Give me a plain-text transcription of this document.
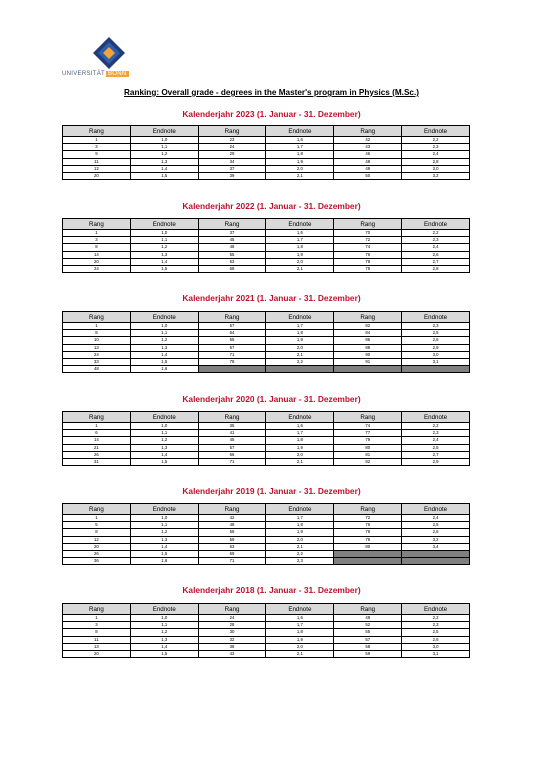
UNIVERSITÄT BONN
Ranking: Overall grade - degrees in the Master's program in Physics (M.Sc.)
Kalenderjahr 2023 (1. Januar - 31. Dezember)
Rang	Endnote	Rang	Endnote	Rang	Endnote
1	1,0	23	1,6	42	2,2
3	1,1	24	1,7	43	2,3
9	1,2	29	1,8	46	2,4
11	1,3	34	1,9	48	2,8
12	1,4	37	2,0	49	3,0
20	1,5	39	2,1	50	3,2
Kalenderjahr 2022 (1. Januar - 31. Dezember)
Rang	Endnote	Rang	Endnote	Rang	Endnote
1	1,0	37	1,6	70	2,2
3	1,1	45	1,7	72	2,3
8	1,2	48	1,8	74	2,4
14	1,3	55	1,9	76	2,6
20	1,4	63	2,0	78	2,7
24	1,5	68	2,1	79	2,8
Kalenderjahr 2021 (1. Januar - 31. Dezember)
Rang	Endnote	Rang	Endnote	Rang	Endnote
1	1,0	57	1,7	82	2,3
8	1,1	64	1,8	84	2,5
10	1,2	65	1,9	86	2,6
13	1,3	67	2,0	89	2,9
24	1,4	71	2,1	90	3,0
33	1,5	78	2,2	91	3,1
48	1,6				
Kalenderjahr 2020 (1. Januar - 31. Dezember)
Rang	Endnote	Rang	Endnote	Rang	Endnote
1	1,0	35	1,6	74	2,2
6	1,1	41	1,7	77	2,3
14	1,2	45	1,8	79	2,4
21	1,3	57	1,9	80	2,5
26	1,4	66	2,0	81	2,7
31	1,5	71	2,1	82	2,9
Kalenderjahr 2019 (1. Januar - 31. Dezember)
Rang	Endnote	Rang	Endnote	Rang	Endnote
1	1,0	42	1,7	72	2,4
5	1,1	48	1,8	76	2,5
8	1,2	58	1,9	78	2,6
12	1,3	59	2,0	79	3,2
20	1,4	63	2,1	80	3,4
26	1,5	69	2,2		
36	1,6	71	2,3		
Kalenderjahr 2018 (1. Januar - 31. Dezember)
Rang	Endnote	Rang	Endnote	Rang	Endnote
1	1,0	24	1,6	49	2,2
3	1,1	28	1,7	52	2,3
8	1,2	30	1,8	55	2,5
11	1,3	32	1,9	57	2,6
13	1,4	38	2,0	58	3,0
20	1,5	43	2,1	59	3,1
